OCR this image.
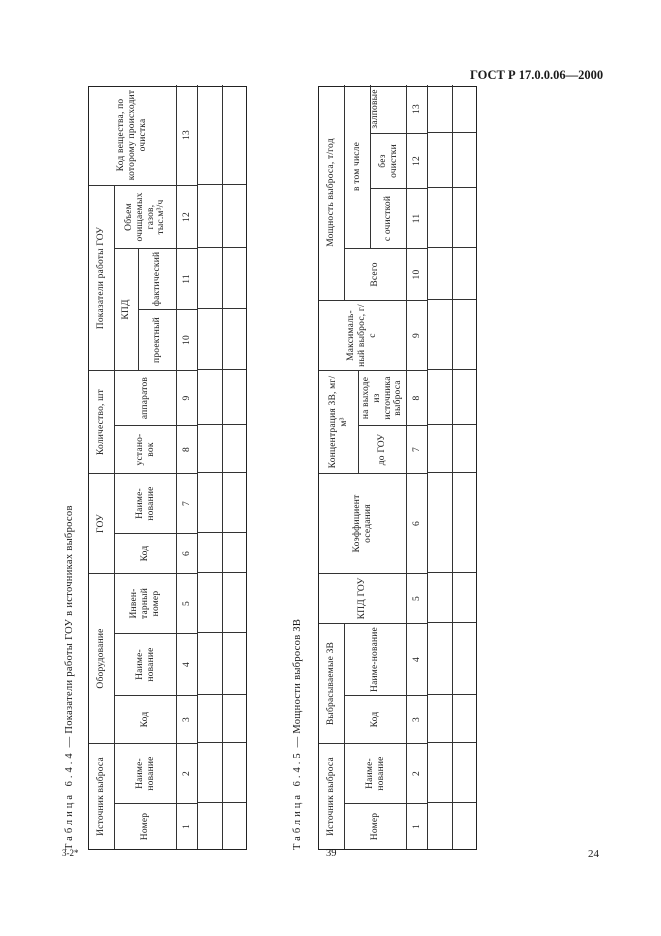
ГОСТ Р 17.0.0.06—2000
Таблица 6.4.4 — Показатели работы ГОУ в источниках выбросов
Источник выброса
Оборудование
ГОУ
Количество, шт
Показатели работы ГОУ
Код вещества, по которому происходит очистка
Номер
Наиме-нование
Код
Наиме-нование
Инвен-тарный номер
Код
Наиме-нование
устано-вок
аппаратов
КПД
Объем очищаемых газов, тыс.м³/ч
проектный
фактический
1
2
3
4
5
6
7
8
9
10
11
12
13
3-2*
Таблица 6.4.5 — Мощности выбросов ЗВ
Источник выброса
Выбрасываемые ЗВ
КПД ГОУ
Коэффициент оседания
Концентрация ЗВ, мг/м³
Максималь-ный выброс, г/с
Мощность выброса, т/год
Номер
Наиме-нование
Код
Наиме-нование
до ГОУ
на выходе из источника выброса
Всего
в том числе
с очисткой
без очистки
залповые
1
2
3
4
5
6
7
8
9
10
11
12
13
39	24
